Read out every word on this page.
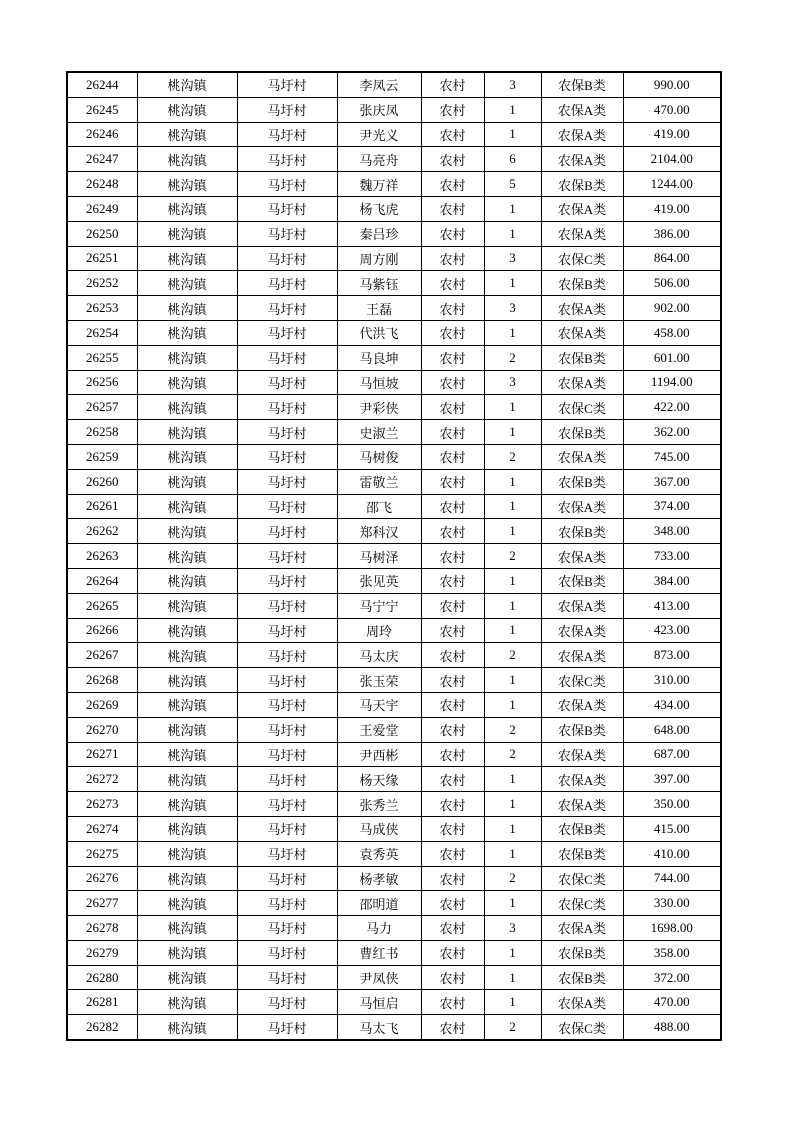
26244	桃沟镇	马圩村	李凤云	农村	3	农保B类	990.00
26245	桃沟镇	马圩村	张庆凤	农村	1	农保A类	470.00
26246	桃沟镇	马圩村	尹光义	农村	1	农保A类	419.00
26247	桃沟镇	马圩村	马亮舟	农村	6	农保A类	2104.00
26248	桃沟镇	马圩村	魏万祥	农村	5	农保B类	1244.00
26249	桃沟镇	马圩村	杨飞虎	农村	1	农保A类	419.00
26250	桃沟镇	马圩村	秦吕珍	农村	1	农保A类	386.00
26251	桃沟镇	马圩村	周方刚	农村	3	农保C类	864.00
26252	桃沟镇	马圩村	马紫钰	农村	1	农保B类	506.00
26253	桃沟镇	马圩村	王磊	农村	3	农保A类	902.00
26254	桃沟镇	马圩村	代洪飞	农村	1	农保A类	458.00
26255	桃沟镇	马圩村	马良坤	农村	2	农保B类	601.00
26256	桃沟镇	马圩村	马恒坡	农村	3	农保A类	1194.00
26257	桃沟镇	马圩村	尹彩侠	农村	1	农保C类	422.00
26258	桃沟镇	马圩村	史淑兰	农村	1	农保B类	362.00
26259	桃沟镇	马圩村	马树俊	农村	2	农保A类	745.00
26260	桃沟镇	马圩村	雷敬兰	农村	1	农保B类	367.00
26261	桃沟镇	马圩村	邵飞	农村	1	农保A类	374.00
26262	桃沟镇	马圩村	郑科汉	农村	1	农保B类	348.00
26263	桃沟镇	马圩村	马树泽	农村	2	农保A类	733.00
26264	桃沟镇	马圩村	张见英	农村	1	农保B类	384.00
26265	桃沟镇	马圩村	马宁宁	农村	1	农保A类	413.00
26266	桃沟镇	马圩村	周玲	农村	1	农保A类	423.00
26267	桃沟镇	马圩村	马太庆	农村	2	农保A类	873.00
26268	桃沟镇	马圩村	张玉荣	农村	1	农保C类	310.00
26269	桃沟镇	马圩村	马天宇	农村	1	农保A类	434.00
26270	桃沟镇	马圩村	王爱堂	农村	2	农保B类	648.00
26271	桃沟镇	马圩村	尹西彬	农村	2	农保A类	687.00
26272	桃沟镇	马圩村	杨天缘	农村	1	农保A类	397.00
26273	桃沟镇	马圩村	张秀兰	农村	1	农保A类	350.00
26274	桃沟镇	马圩村	马成侠	农村	1	农保B类	415.00
26275	桃沟镇	马圩村	袁秀英	农村	1	农保B类	410.00
26276	桃沟镇	马圩村	杨孝敏	农村	2	农保C类	744.00
26277	桃沟镇	马圩村	邵明道	农村	1	农保C类	330.00
26278	桃沟镇	马圩村	马力	农村	3	农保A类	1698.00
26279	桃沟镇	马圩村	曹红书	农村	1	农保B类	358.00
26280	桃沟镇	马圩村	尹凤侠	农村	1	农保B类	372.00
26281	桃沟镇	马圩村	马恒启	农村	1	农保A类	470.00
26282	桃沟镇	马圩村	马太飞	农村	2	农保C类	488.00
